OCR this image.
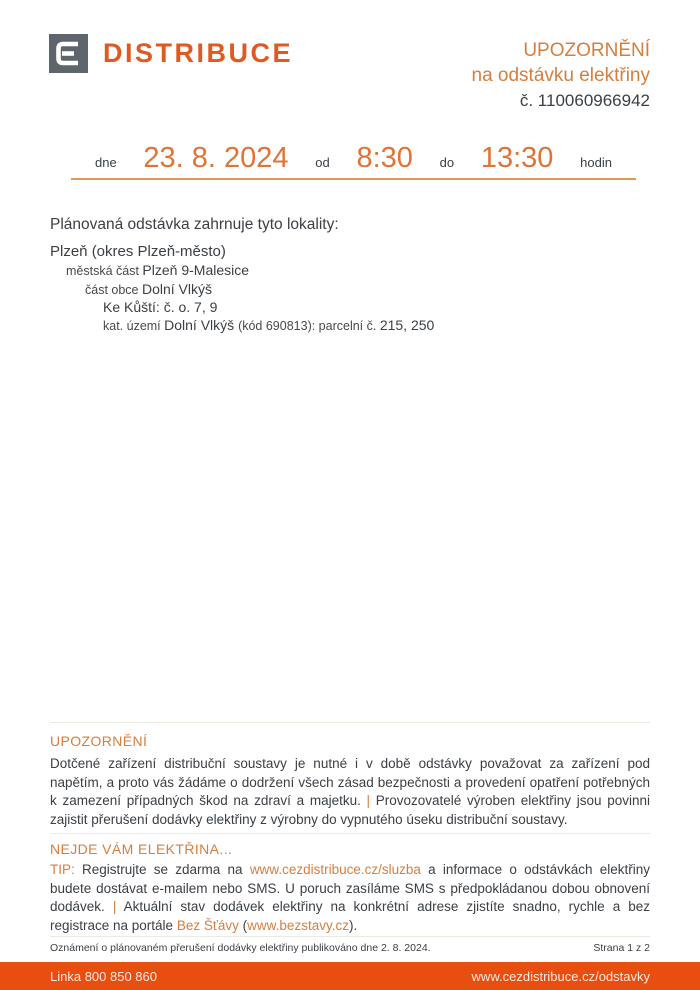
DISTRIBUCE	UPOZORNĚNÍ
na odstávku elektřiny
č. 110060966942
dne 23. 8. 2024 od 8:30 do 13:30 hodin
Plánovaná odstávka zahrnuje tyto lokality:
Plzeň (okres Plzeň-město)
městská část Plzeň 9-Malesice
část obce Dolní Vlkýš
Ke Kůští: č. o. 7, 9
kat. území Dolní Vlkýš (kód 690813): parcelní č. 215, 250
UPOZORNĚNÍ
Dotčené zařízení distribuční soustavy je nutné i v době odstávky považovat za zařízení pod napětím, a proto vás žádáme o dodržení všech zásad bezpečnosti a provedení opatření potřebných k zamezení případných škod na zdraví a majetku. | Provozovatelé výroben elektřiny jsou povinni zajistit přerušení dodávky elektřiny z výrobny do vypnutého úseku distribuční soustavy.
NEJDE VÁM ELEKTŘINA...
TIP: Registrujte se zdarma na www.cezdistribuce.cz/sluzba a informace o odstávkách elektřiny budete dostávat e-mailem nebo SMS. U poruch zasíláme SMS s předpokládanou dobou obnovení dodávek. | Aktuální stav dodávek elektřiny na konkrétní adrese zjistíte snadno, rychle a bez registrace na portále Bez Šťávy (www.bezstavy.cz).
Oznámení o plánovaném přerušení dodávky elektřiny publikováno dne 2. 8. 2024.	Strana 1 z 2
Linka 800 850 860	www.cezdistribuce.cz/odstavky
